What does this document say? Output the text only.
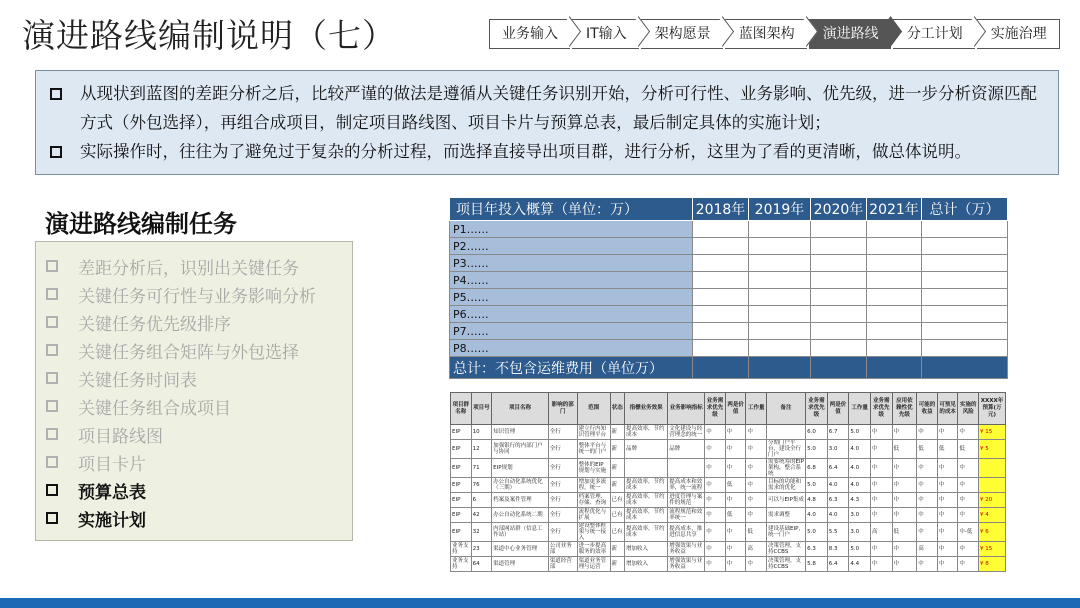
演进路线编制说明（七）	业务输入	IT输入	架构愿景	蓝图架构	演进路线	分工计划	实施治理
从现状到蓝图的差距分析之后，比较严谨的做法是遵循从关键任务识别开始，分析可行性、业务影响、优先级，进一步分析资源匹配方式（外包选择），再组合成项目，制定项目路线图、项目卡片与预算总表，最后制定具体的实施计划；
实际操作时，往往为了避免过于复杂的分析过程，而选择直接导出项目群，进行分析，这里为了看的更清晰，做总体说明。
演进路线编制任务
差距分析后，识别出关键任务
关键任务可行性与业务影响分析
关键任务优先级排序
关键任务组合矩阵与外包选择
关键任务时间表
关键任务组合成项目
项目路线图
项目卡片
预算总表
实施计划
项目年投入概算（单位：万）	2018年	2019年	2020年	2021年	总计（万）
P1……					
P2……					
P3……					
P4……					
P5……					
P6……					
P7……					
P8……					
总计：不包含运维费用（单位万）					
项目群名称	项目号	项目名称	影响的部门	范围	状态	指標业务效果	业务影响指标	业务需求优先级	两是价值	工作量	备注	业务需求优先级	两是价值	工作量	业务需求优先级	应用依赖性优先级	可能的收益	可预见的成本	实施的风险	XXXX年预算(万元)
EIP	10	知识管理	全行	建立行内知识管理平台	新	提高效率，节约成本	文化建设与经营理念的统一	中	中	中		6.0	6.7	5.0	中	中	中	中	中	¥ 15
EIP	12	加强银行的内部门户与协同	全行	整体平台与统一的门户	新	品牌	品牌	中	中	中	分期门户平台，建设全行门户	5.0	3.0	4.0	中	低	低	低	低	¥ 5
EIP	71	EIP规划	全行	整体的EIP规划与实施	新			中	中	中	需要统筹的EIP架构，整合系统	6.8	6.4	4.0	中	中	中	中	中	
EIP	76	办公自动化系统优化（三期）	全行	增加更多流程，统一	新	提高效率，节约成本	提高成本和效率，统一流程	中	低	中	目标的功能和需求的优化	5.0	4.0	4.0	中	中	中	中	中	
EIP	6	档案及案件管理	全行	档案管理、存储、查询	已有	提高效率，节约成本	进度管理与案件的规范	中	中	中	可以与EIP集成	4.8	6.3	4.3	中	中	中	中	中	¥ 20
EIP	42	办公自动化系统二期	全行	流程优化与扩展	已有	提高效率，节约成本	流程规范和效率统一	中	低	中	需求调整	4.0	4.0	3.0	中	中	中	中	中	¥ 4
EIP	32	内部网站群（信息工作站）	全行	建设整体框架与统一接入	已有	提高效率，节约成本	提高成本，推进信息共享	中	中	低	建设基础EIP，统一门户	5.0	5.5	3.0	高	低	中	中	中-低	¥ 6
业务支持	23	渠道中心业务管理	公司业务部	进一步提高服务的效率	新	增加收入	增强效果与业务收益	中	中	高	决策管理，支持CCBS	6.3	8.3	5.0	中	中	高	中	中	¥ 15
业务支持	64	渠道管理	渠道经营部	渠道业务管理与运营	新	增加收入	增强效果与业务收益	中	中	中	决策管理，支持CCBS	5.8	6.4	4.4	中	中	中	中	中	¥ 8
